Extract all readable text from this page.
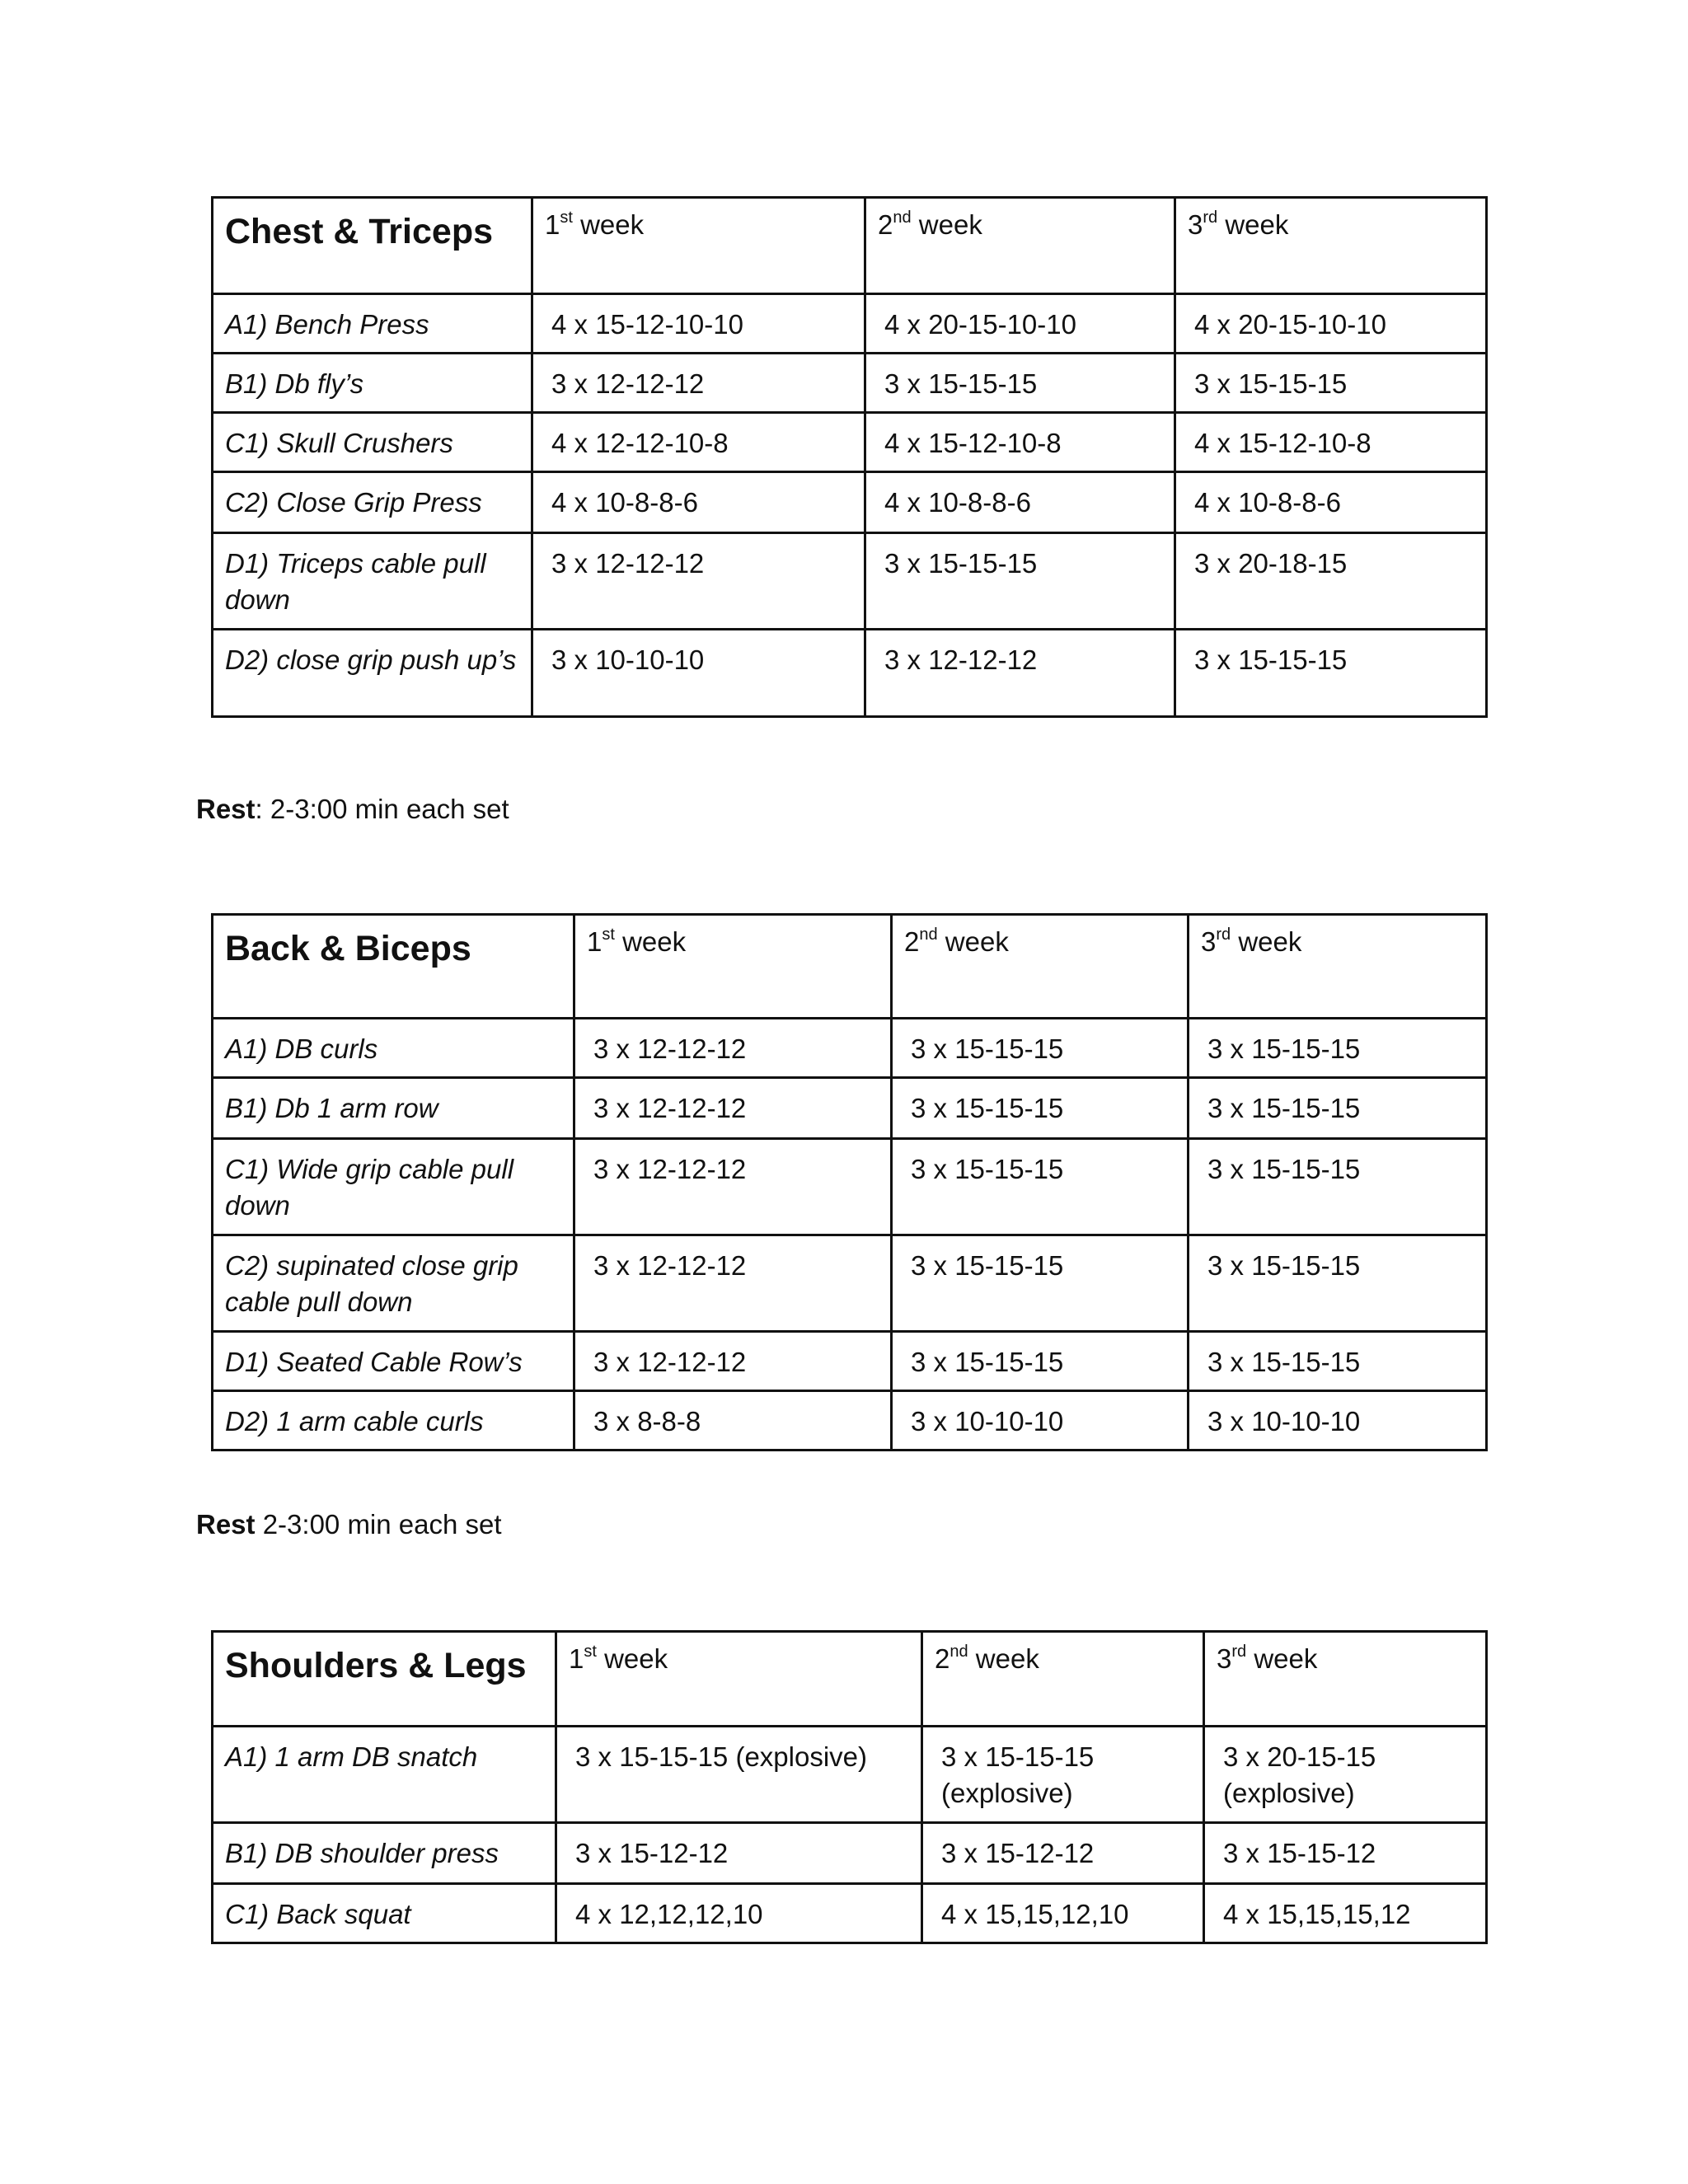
Chest & Triceps	1st week	2nd week	3rd week
A1) Bench Press	4 x 15-12-10-10	4 x 20-15-10-10	4 x 20-15-10-10
B1) Db fly’s	3 x 12-12-12	3 x 15-15-15	3 x 15-15-15
C1) Skull Crushers	4 x 12-12-10-8	4 x 15-12-10-8	4 x 15-12-10-8
C2) Close Grip Press	4 x 10-8-8-6	4 x 10-8-8-6	4 x 10-8-8-6
D1) Triceps cable pull down	3 x 12-12-12	3 x 15-15-15	3 x 20-18-15
D2) close grip push up’s	3 x 10-10-10	3 x 12-12-12	3 x 15-15-15
Rest: 2-3:00 min each set
Back & Biceps	1st week	2nd week	3rd week
A1) DB curls	3 x 12-12-12	3 x 15-15-15	3 x 15-15-15
B1) Db 1 arm row	3 x 12-12-12	3 x 15-15-15	3 x 15-15-15
C1) Wide grip cable pull down	3 x 12-12-12	3 x 15-15-15	3 x 15-15-15
C2) supinated close grip cable pull down	3 x 12-12-12	3 x 15-15-15	3 x 15-15-15
D1) Seated Cable Row’s	3 x 12-12-12	3 x 15-15-15	3 x 15-15-15
D2) 1 arm cable curls	3 x 8-8-8	3 x 10-10-10	3 x 10-10-10
Rest 2-3:00 min each set
Shoulders & Legs	1st week	2nd week	3rd week
A1) 1 arm DB snatch	3 x 15-15-15 (explosive)	3 x 15-15-15 (explosive)	3 x 20-15-15 (explosive)
B1) DB shoulder press	3 x 15-12-12	3 x 15-12-12	3 x 15-15-12
C1) Back squat	4 x 12,12,12,10	4 x 15,15,12,10	4 x 15,15,15,12
